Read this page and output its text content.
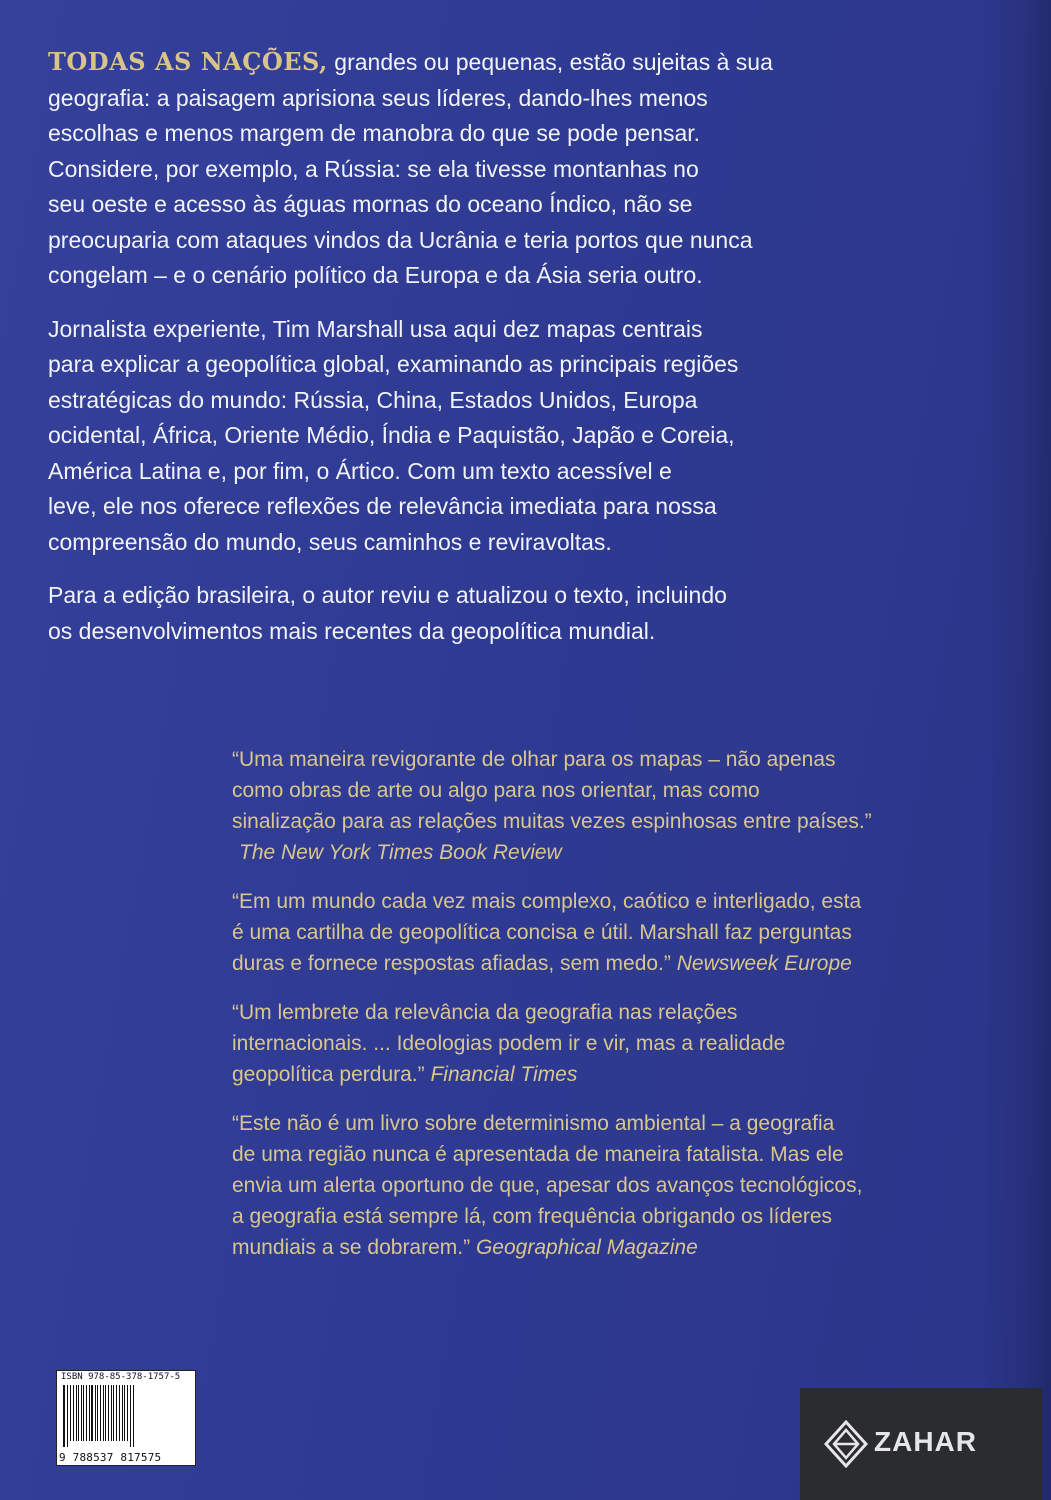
TODAS AS NAÇÕES, grandes ou pequenas, estão sujeitas à sua
geografia: a paisagem aprisiona seus líderes, dando-lhes menos
escolhas e menos margem de manobra do que se pode pensar.
Considere, por exemplo, a Rússia: se ela tivesse montanhas no
seu oeste e acesso às águas mornas do oceano Índico, não se
preocuparia com ataques vindos da Ucrânia e teria portos que nunca
congelam – e o cenário político da Europa e da Ásia seria outro.

Jornalista experiente, Tim Marshall usa aqui dez mapas centrais
para explicar a geopolítica global, examinando as principais regiões
estratégicas do mundo: Rússia, China, Estados Unidos, Europa
ocidental, África, Oriente Médio, Índia e Paquistão, Japão e Coreia,
América Latina e, por fim, o Ártico. Com um texto acessível e
leve, ele nos oferece reflexões de relevância imediata para nossa
compreensão do mundo, seus caminhos e reviravoltas.

Para a edição brasileira, o autor reviu e atualizou o texto, incluindo
os desenvolvimentos mais recentes da geopolítica mundial.

“Uma maneira revigorante de olhar para os mapas – não apenas
como obras de arte ou algo para nos orientar, mas como
sinalização para as relações muitas vezes espinhosas entre países.”
The New York Times Book Review
“Em um mundo cada vez mais complexo, caótico e interligado, esta
é uma cartilha de geopolítica concisa e útil. Marshall faz perguntas
duras e fornece respostas afiadas, sem medo.” Newsweek Europe
“Um lembrete da relevância da geografia nas relações
internacionais. ... Ideologias podem ir e vir, mas a realidade
geopolítica perdura.” Financial Times
“Este não é um livro sobre determinismo ambiental – a geografia
de uma região nunca é apresentada de maneira fatalista. Mas ele
envia um alerta oportuno de que, apesar dos avanços tecnológicos,
a geografia está sempre lá, com frequência obrigando os líderes
mundiais a se dobrarem.” Geographical Magazine
ISBN 978-85-378-1757-5
9 788537 817575
ZAHAR
